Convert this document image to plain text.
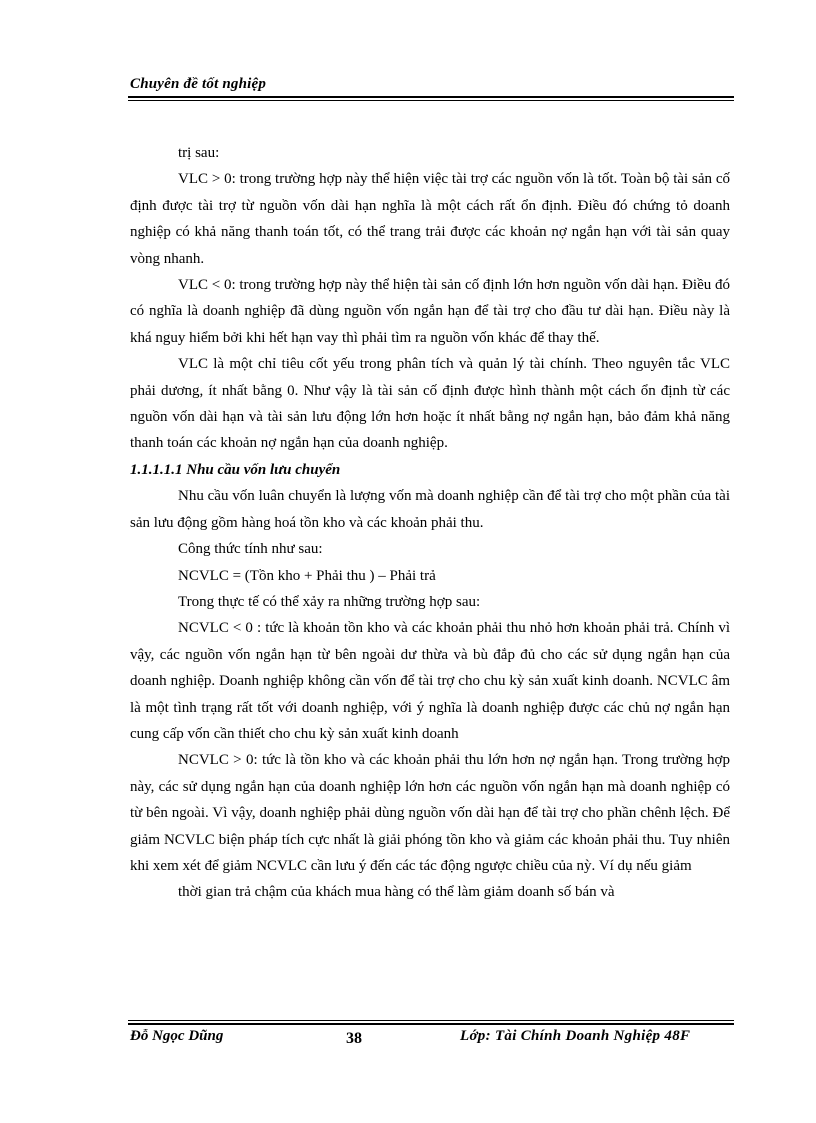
Chuyên đề tốt nghiệp

trị sau:

VLC > 0: trong trường hợp này thể hiện việc tài trợ các nguồn vốn là tốt. Toàn bộ tài sản cố định được tài trợ từ nguồn vốn dài hạn nghĩa là một cách rất ổn định. Điều đó chứng tỏ doanh nghiệp có khả năng thanh toán tốt, có thể trang trải được các khoản nợ ngắn hạn với tài sản quay vòng nhanh.

VLC < 0: trong trường hợp này thể hiện tài sản cố định lớn hơn nguồn vốn dài hạn. Điều đó có nghĩa là doanh nghiệp đã dùng nguồn vốn ngắn hạn để tài trợ cho đầu tư dài hạn. Điều này là khá nguy hiểm bởi khi hết hạn vay thì phải tìm ra nguồn vốn khác để thay thế.

VLC là một chỉ tiêu cốt yếu trong phân tích và quản lý tài chính. Theo nguyên tắc VLC phải dương, ít nhất bằng 0. Như vậy là tài sản cố định được hình thành một cách ổn định từ các nguồn vốn dài hạn và tài sản lưu động lớn hơn hoặc ít nhất bằng nợ ngắn hạn, bảo đảm khả năng thanh toán các khoản nợ ngắn hạn của doanh nghiệp.

1.1.1.1.1 Nhu cầu vốn lưu chuyển

Nhu cầu vốn luân chuyển là lượng vốn mà doanh nghiệp cần để tài trợ cho một phần của tài sản lưu động gồm hàng hoá tồn kho và các khoản phải thu.

Công thức tính như sau:

NCVLC = (Tồn kho + Phải thu ) – Phải trả

Trong thực tế có thể xảy ra những trường hợp sau:

NCVLC < 0 : tức là khoản tồn kho và các khoản phải thu nhỏ hơn khoản phải trả. Chính vì vậy, các nguồn vốn ngắn hạn từ bên ngoài dư thừa và bù đắp đủ cho các sử dụng ngắn hạn của doanh nghiệp. Doanh nghiệp không cần vốn để tài trợ cho chu kỳ sản xuất kinh doanh. NCVLC âm là một tình trạng rất tốt với doanh nghiệp, với ý nghĩa là doanh nghiệp được các chủ nợ ngắn hạn cung cấp vốn cần thiết cho chu kỳ sản xuất kinh doanh

NCVLC > 0: tức là tồn kho và các khoản phải thu lớn hơn nợ ngắn hạn. Trong trường hợp này, các sử dụng ngắn hạn của doanh nghiệp lớn hơn các nguồn vốn ngắn hạn mà doanh nghiệp có từ bên ngoài. Vì vậy, doanh nghiệp phải dùng nguồn vốn dài hạn để tài trợ cho phần chênh lệch. Để giảm NCVLC biện pháp tích cực nhất là giải phóng tồn kho và giảm các khoản phải thu. Tuy nhiên khi xem xét để giảm NCVLC cần lưu ý đến các tác động ngược chiều của nỳ. Ví dụ nếu giảm

thời gian trả chậm của khách mua hàng có thể làm giảm doanh số bán và

Đỗ Ngọc Dũng	38	Lớp: Tài Chính Doanh Nghiệp 48F
